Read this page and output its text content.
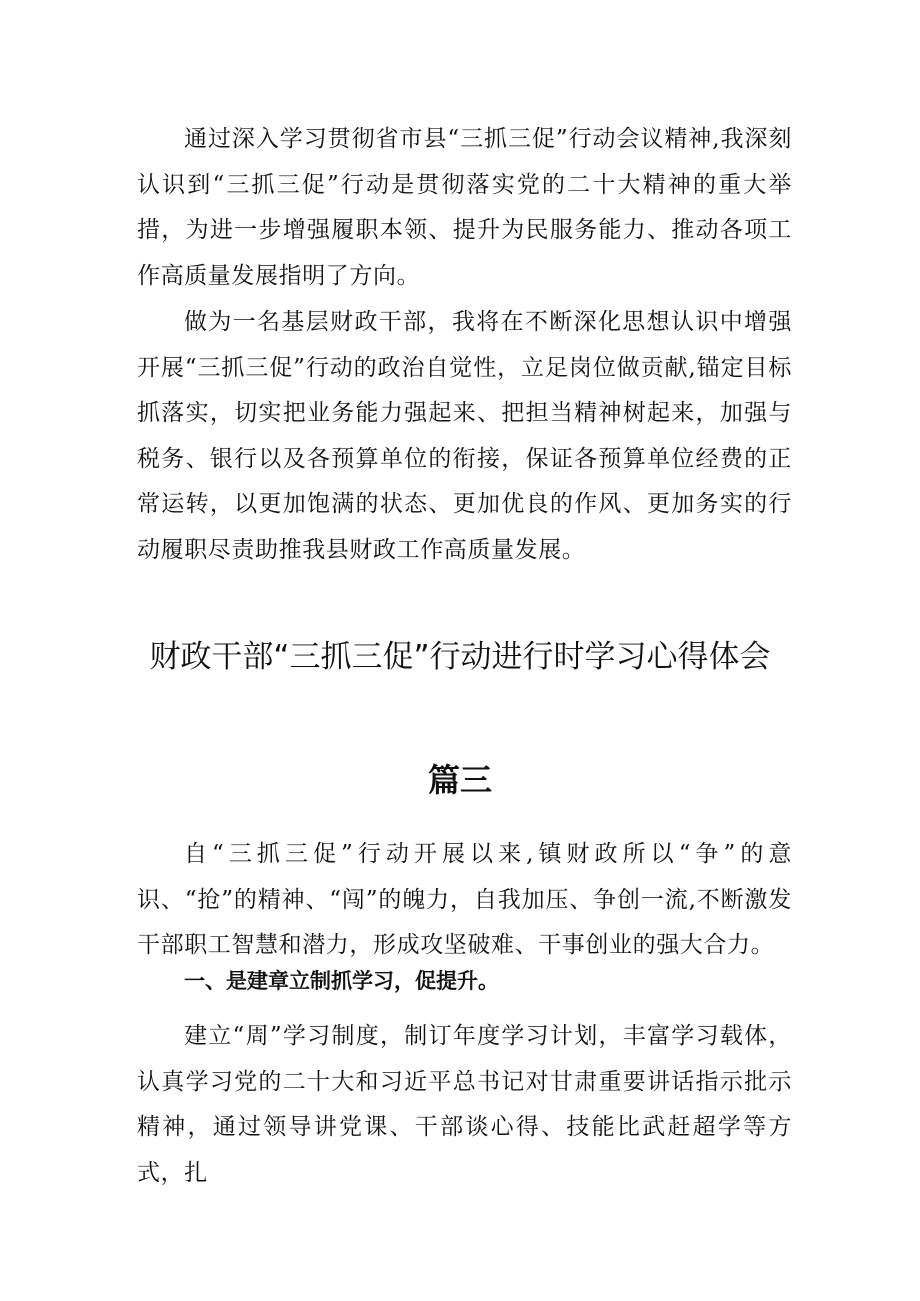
通过深入学习贯彻省市县“三抓三促”行动会议精神,我深刻认识到“三抓三促”行动是贯彻落实党的二十大精神的重大举措，为进一步增强履职本领、提升为民服务能力、推动各项工作高质量发展指明了方向。

做为一名基层财政干部，我将在不断深化思想认识中增强开展“三抓三促”行动的政治自觉性，立足岗位做贡献,锚定目标抓落实，切实把业务能力强起来、把担当精神树起来，加强与税务、银行以及各预算单位的衔接，保证各预算单位经费的正常运转，以更加饱满的状态、更加优良的作风、更加务实的行动履职尽责助推我县财政工作高质量发展。

财政干部“三抓三促”行动进行时学习心得体会
篇三

自“三抓三促”行动开展以来,镇财政所以“争”的意识、“抢”的精神、“闯”的魄力，自我加压、争创一流,不断激发干部职工智慧和潜力，形成攻坚破难、干事创业的强大合力。

一、是建章立制抓学习，促提升。

建立“周”学习制度，制订年度学习计划，丰富学习载体，认真学习党的二十大和习近平总书记对甘肃重要讲话指示批示精神，通过领导讲党课、干部谈心得、技能比武赶超学等方式，扎
